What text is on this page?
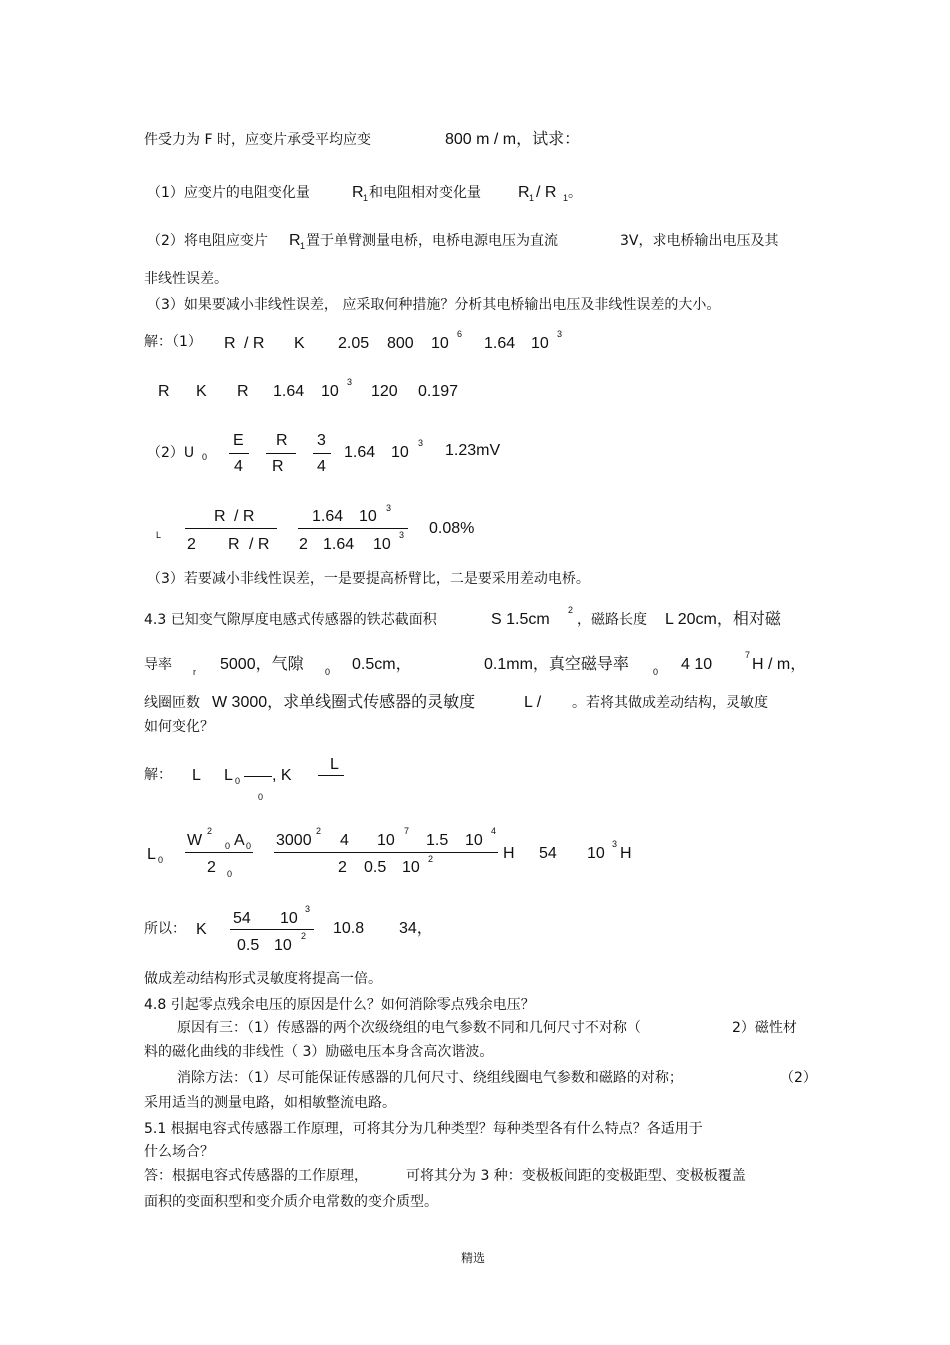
件受力为 F 时，应变片承受平均应变	800 m / m，试求：
（1）应变片的电阻变化量	R 1 和电阻相对变化量 R 1 / R 1 。
（2）将电阻应变片 R 1 置于单臂测量电桥，电桥电源电压为直流	3V，求电桥输出电压及其
非线性误差。
（3）如果要减小非线性误差， 应采取何种措施？分析其电桥输出电压及非线性误差的大小。
解：（1） R / R K 2.05 800 10
6
1.64 10
3
R K R 1.64 10
3
120 0.197
（2）U 0
E
4
R
R
3
4
1.64 10
3 1.23mV
L
R / R
2 R / R
1.64 10 3
2 1.64 10
3 0.08%
（3）若要减小非线性误差，一是要提高桥臂比，二是要采用差动电桥。
4.3 已知变气隙厚度电感式传感器的铁芯截面积	S 1.5cm
2
，磁路长度 L 20cm，相对磁
导率 r 5000，气隙 0 0.5cm，	0.1mm，真空磁导率	0 4 10
7
H / m，
线圈匝数 W 3000，求单线圈式传感器的灵敏度	L / 。若将其做成差动结构，灵敏度
如何变化？
解： L L 0
0
, K
L
L 0
W
2
0 A 0
2 0
3000
2
4 10
7
1.5 10
4
2 0.5 10 2	H 54 10
3
H
所以： K
54 10
3
0.5 10
2 10.8 34，
做成差动结构形式灵敏度将提高一倍。
4.8 引起零点残余电压的原因是什么？如何消除零点残余电压？
原因有三：（1）传感器的两个次级绕组的电气参数不同和几何尺寸不对称（	2）磁性材
料的磁化曲线的非线性（ 3）励磁电压本身含高次谐波。
消除方法：（1）尽可能保证传感器的几何尺寸、绕组线圈电气参数和磁路的对称；	（2）
采用适当的测量电路，如相敏整流电路。
5.1 根据电容式传感器工作原理，可将其分为几种类型？每种类型各有什么特点？各适用于
什么场合？
答：根据电容式传感器的工作原理，	可将其分为 3 种：变极板间距的变极距型、变极板覆盖
面积的变面积型和变介质介电常数的变介质型。
精选
